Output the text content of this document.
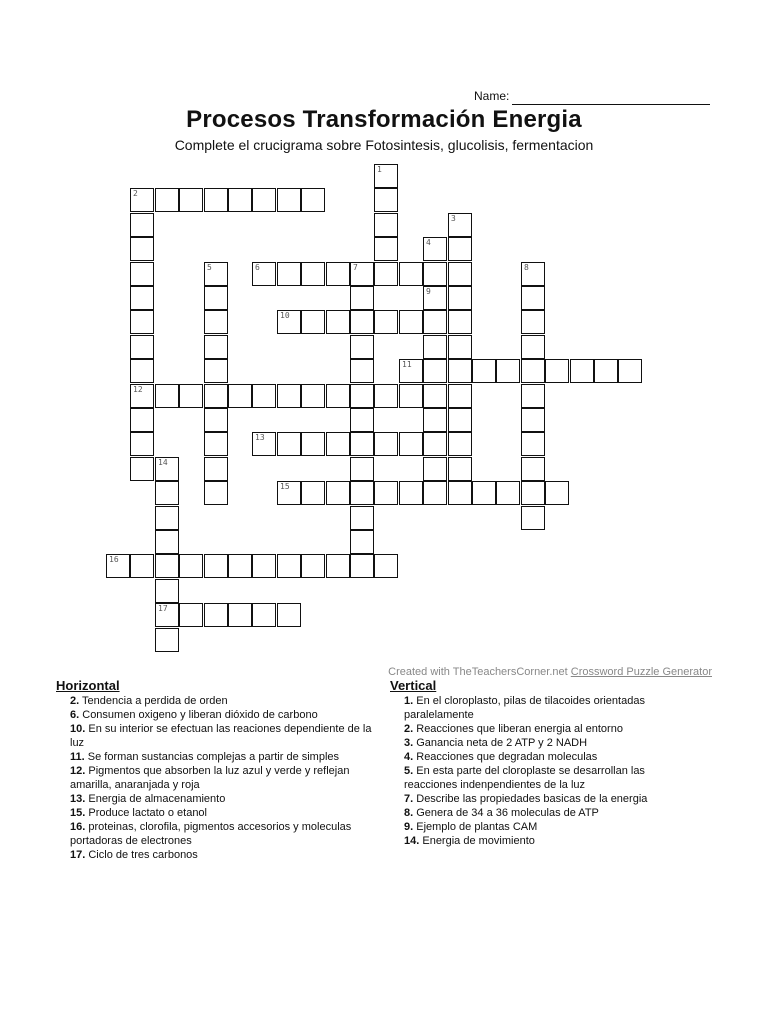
Name:
Procesos Transformación Energia
Complete el crucigrama sobre Fotosintesis, glucolisis, fermentacion
1
2
12
3
4
9
5	6	7	8
10
11
13
14
17
15
16
Created with TheTeachersCorner.net Crossword Puzzle Generator
Horizontal
2. Tendencia a perdida de orden
6. Consumen oxigeno y liberan dióxido de carbono
10. En su interior se efectuan las reaciones dependiente de la luz
11. Se forman sustancias complejas a partir de simples
12. Pigmentos que absorben la luz azul y verde y reflejan amarilla, anaranjada y roja
13. Energia de almacenamiento
15. Produce lactato o etanol
16. proteinas, clorofila, pigmentos accesorios y moleculas portadoras de electrones
17. Ciclo de tres carbonos
Vertical
1. En el cloroplasto, pilas de tilacoides orientadas paralelamente
2. Reacciones que liberan energia al entorno
3. Ganancia neta de 2 ATP y 2 NADH
4. Reacciones que degradan moleculas
5. En esta parte del cloroplaste se desarrollan las reacciones indenpendientes de la luz
7. Describe las propiedades basicas de la energia
8. Genera de 34 a 36 moleculas de ATP
9. Ejemplo de plantas CAM
14. Energia de movimiento
